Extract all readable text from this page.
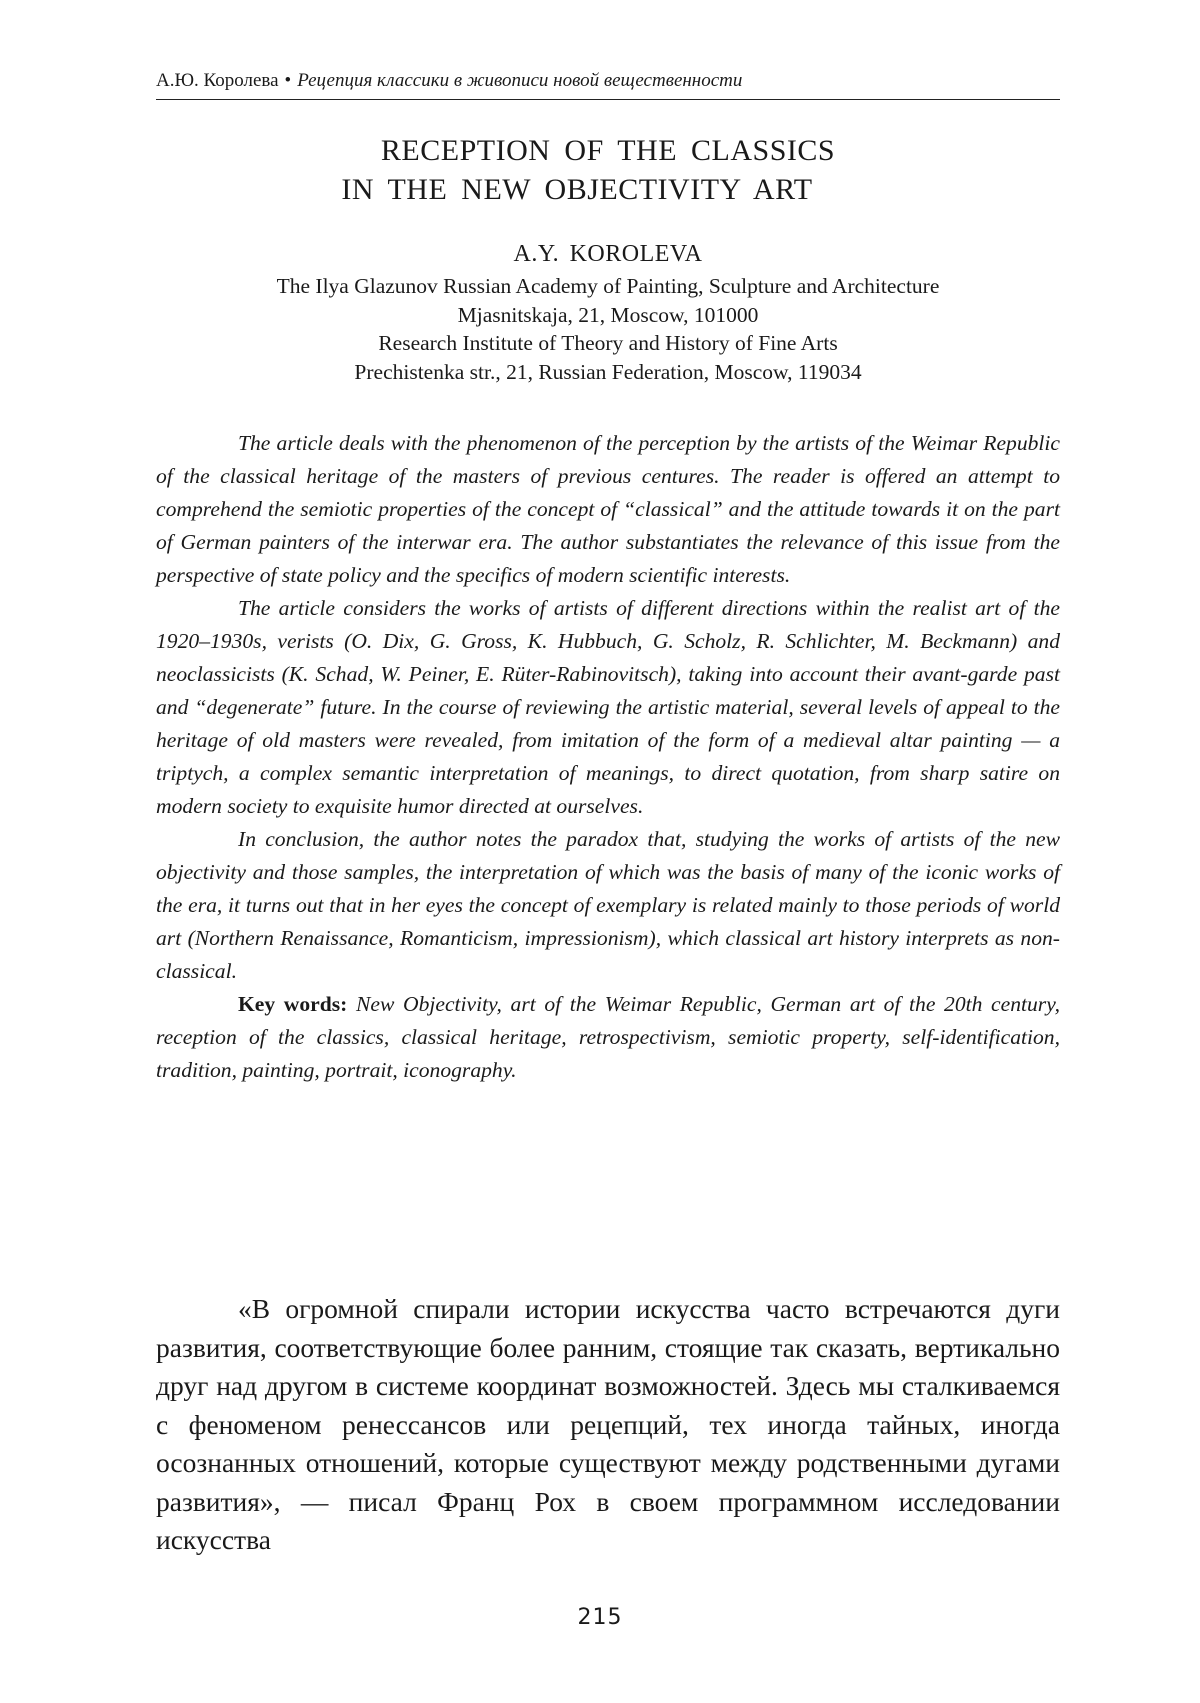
А.Ю. Королева • Рецепция классики в живописи новой вещественности
RECEPTION OF THE CLASSICS

IN THE NEW OBJECTIVITY ART
A.Y. KOROLEVA
The Ilya Glazunov Russian Academy of Painting, Sculpture and Architecture
Mjasnitskaja, 21, Moscow, 101000
Research Institute of Theory and History of Fine Arts
Prechistenka str., 21, Russian Federation, Moscow, 119034

The article deals with the phenomenon of the perception by the artists of the Weimar Republic of the classical heritage of the masters of previous centures. The reader is offered an attempt to comprehend the semiotic properties of the concept of “classical” and the attitude towards it on the part of German painters of the interwar era. The author substantiates the relevance of this issue from the perspective of state policy and the specifics of modern scientific interests.

The article considers the works of artists of different directions within the realist art of the 1920–1930s, verists (O. Dix, G. Gross, K. Hubbuch, G. Scholz, R. Schlichter, M. Beckmann) and neoclassicists (K. Schad, W. Peiner, E. Rüter-Rabinovitsch), taking into account their avant-garde past and “degenerate” future. In the course of reviewing the artistic material, several levels of appeal to the heritage of old masters were revealed, from imitation of the form of a medieval altar painting — a triptych, a complex semantic interpretation of meanings, to direct quotation, from sharp satire on modern society to exquisite humor directed at ourselves.

In conclusion, the author notes the paradox that, studying the works of artists of the new objectivity and those samples, the interpretation of which was the basis of many of the iconic works of the era, it turns out that in her eyes the concept of exemplary is related mainly to those periods of world art (Northern Renaissance, Romanticism, impressionism), which classical art history interprets as non-classical.

Key words: New Objectivity, art of the Weimar Republic, German art of the 20th century, reception of the classics, classical heritage, retrospectivism, semiotic property, self-identification, tradition, painting, portrait, iconography.

«В огромной спирали истории искусства часто встречаются дуги развития, соответствующие более ранним, стоящие так сказать, вертикально друг над другом в системе координат возможностей. Здесь мы сталкиваемся с феноменом ренессансов или рецепций, тех иногда тайных, иногда осознанных отношений, которые существуют между родственными дугами развития», — писал Франц Рох в своем программном исследовании искусства

215
